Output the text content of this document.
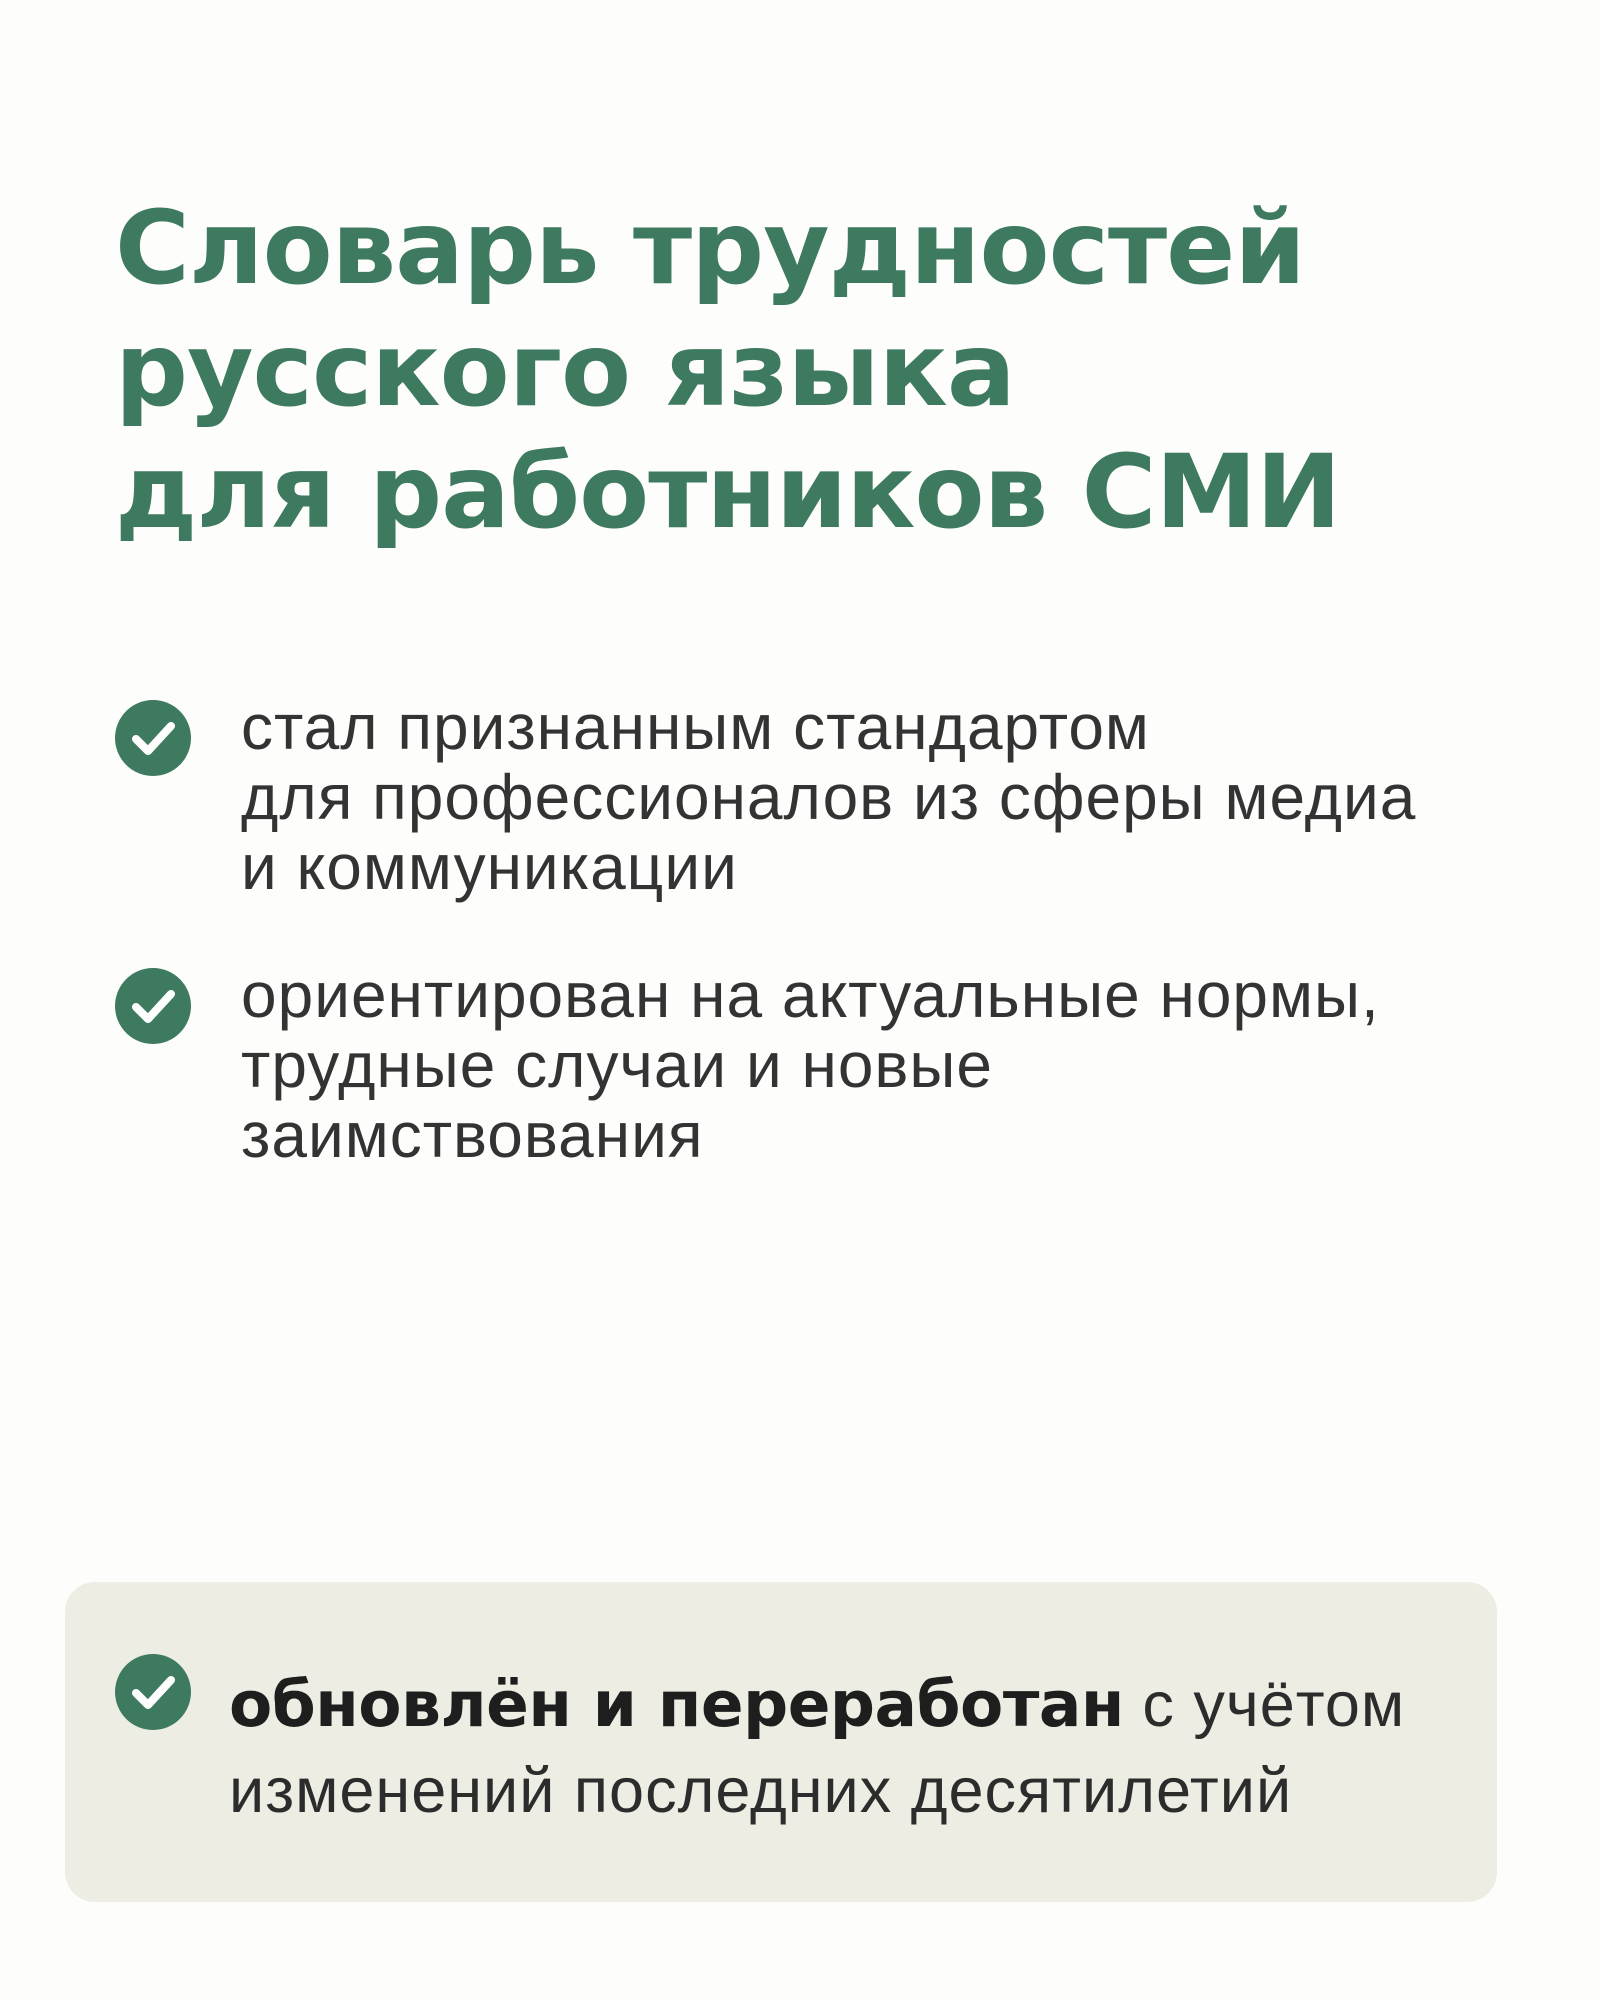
Словарь трудностей
русского языка
для работников СМИ
стал признанным стандартом
для профессионалов из сферы медиа
и коммуникации
ориентирован на актуальные нормы,
трудные случаи и новые
заимствования
обновлён и переработан с учётом
изменений последних десятилетий
